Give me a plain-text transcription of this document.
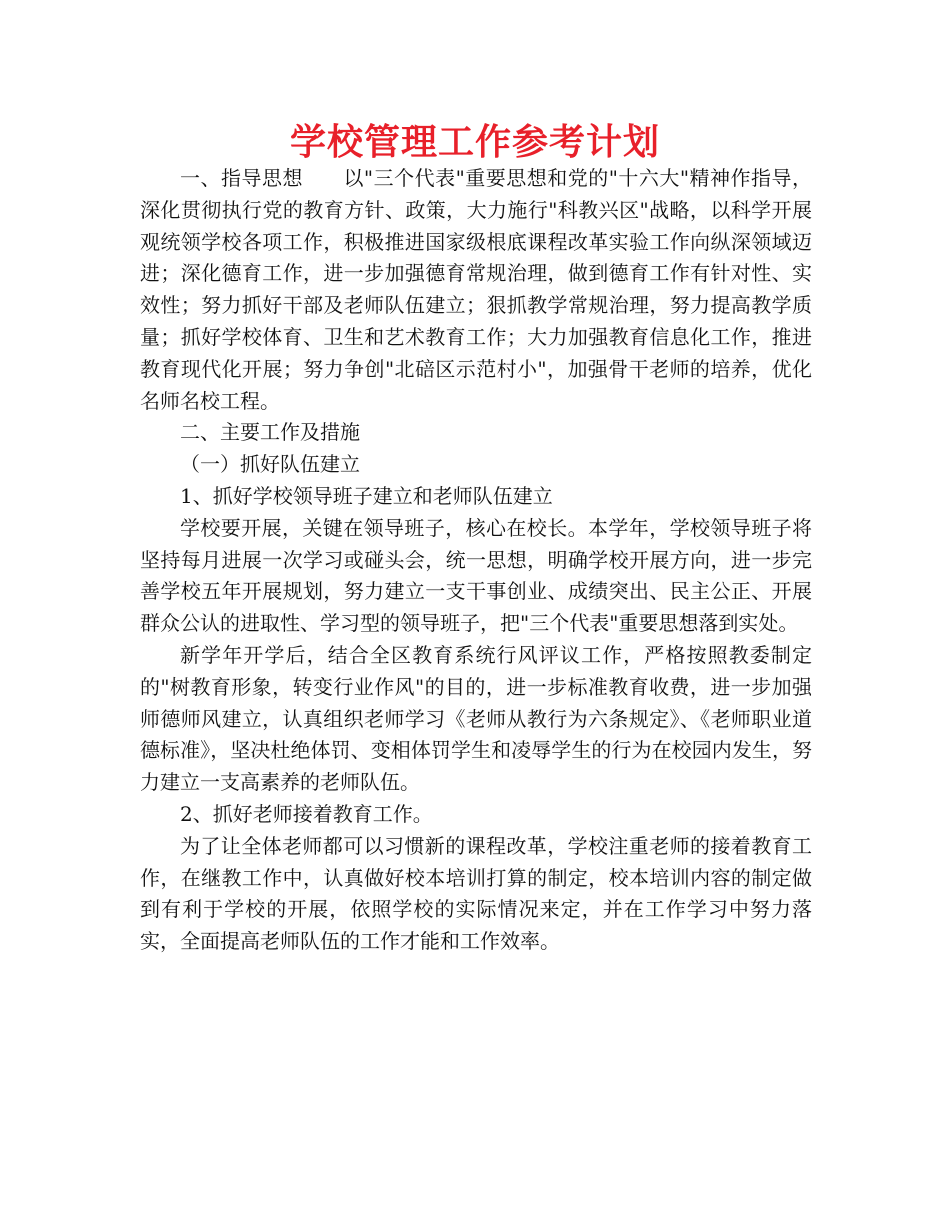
学校管理工作参考计划

一、指导思想 以"三个代表"重要思想和党的"十六大"精神作指导，深化贯彻执行党的教育方针、政策，大力施行"科教兴区"战略，以科学开展观统领学校各项工作，积极推进国家级根底课程改革实验工作向纵深领域迈进；深化德育工作，进一步加强德育常规治理，做到德育工作有针对性、实效性；努力抓好干部及老师队伍建立；狠抓教学常规治理，努力提高教学质量；抓好学校体育、卫生和艺术教育工作；大力加强教育信息化工作，推进教育现代化开展；努力争创"北碚区示范村小"，加强骨干老师的培养，优化名师名校工程。

二、主要工作及措施

（一）抓好队伍建立

1、抓好学校领导班子建立和老师队伍建立

学校要开展，关键在领导班子，核心在校长。本学年，学校领导班子将坚持每月进展一次学习或碰头会，统一思想，明确学校开展方向，进一步完善学校五年开展规划，努力建立一支干事创业、成绩突出、民主公正、开展群众公认的进取性、学习型的领导班子，把"三个代表"重要思想落到实处。

新学年开学后，结合全区教育系统行风评议工作，严格按照教委制定的"树教育形象，转变行业作风"的目的，进一步标准教育收费，进一步加强师德师风建立，认真组织老师学习《老师从教行为六条规定》、《老师职业道德标准》，坚决杜绝体罚、变相体罚学生和凌辱学生的行为在校园内发生，努力建立一支高素养的老师队伍。

2、抓好老师接着教育工作。

为了让全体老师都可以习惯新的课程改革，学校注重老师的接着教育工作，在继教工作中，认真做好校本培训打算的制定，校本培训内容的制定做到有利于学校的开展，依照学校的实际情况来定，并在工作学习中努力落实，全面提高老师队伍的工作才能和工作效率。
